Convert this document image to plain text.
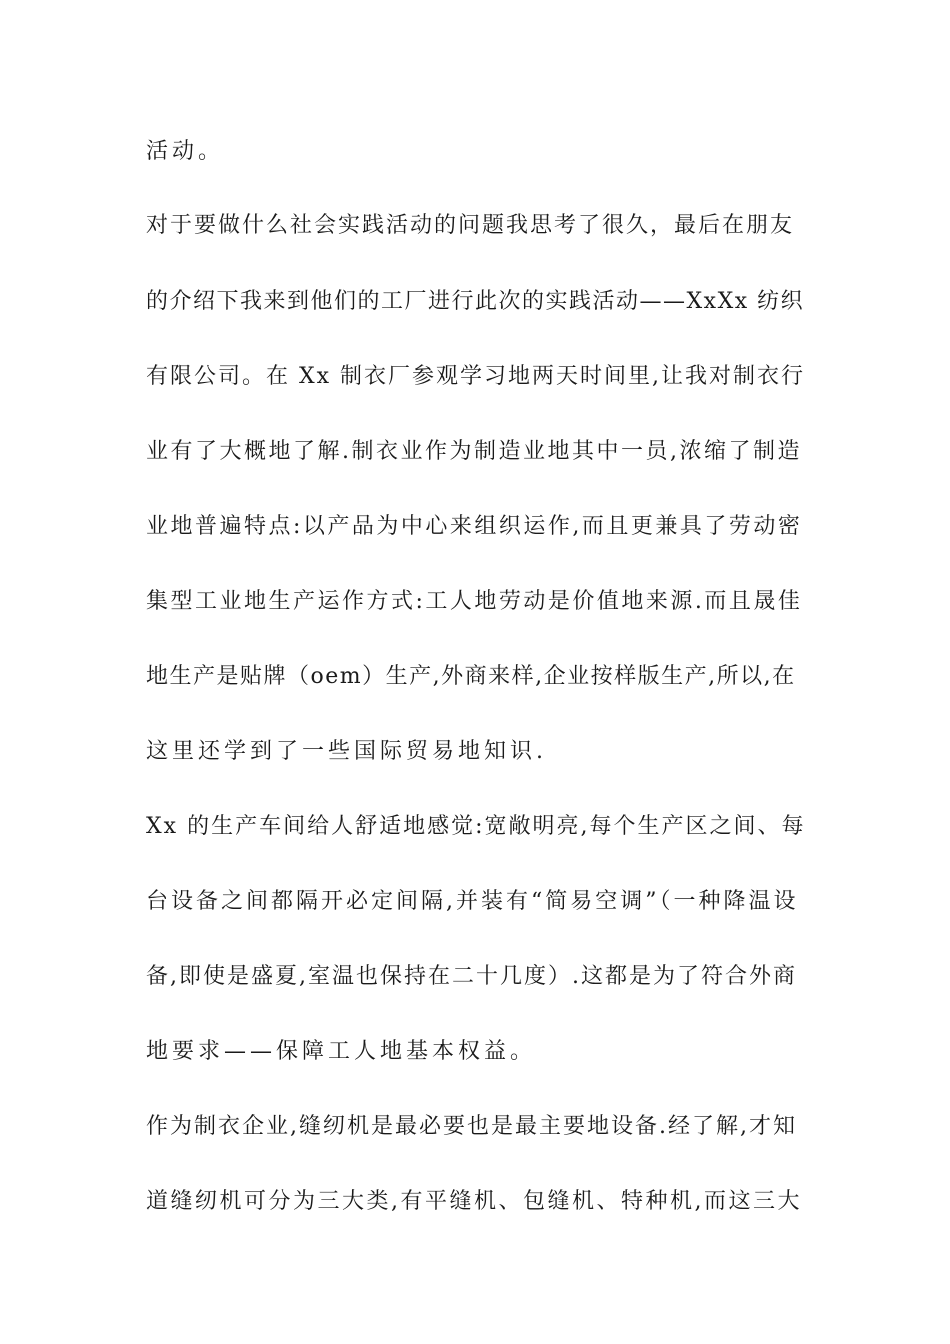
活动。
对于要做什么社会实践活动的问题我思考了很久，最后在朋友
的介绍下我来到他们的工厂进行此次的实践活动——XxXx 纺织
有限公司。在 Xx 制衣厂参观学习地两天时间里,让我对制衣行
业有了大概地了解.制衣业作为制造业地其中一员,浓缩了制造
业地普遍特点:以产品为中心来组织运作,而且更兼具了劳动密
集型工业地生产运作方式:工人地劳动是价值地来源.而且晟佳
地生产是贴牌（oem）生产,外商来样,企业按样版生产,所以,在
这里还学到了一些国际贸易地知识.
Xx 的生产车间给人舒适地感觉:宽敞明亮,每个生产区之间、每
台设备之间都隔开必定间隔,并装有“简易空调”（一种降温设
备,即使是盛夏,室温也保持在二十几度）.这都是为了符合外商
地要求——保障工人地基本权益。
作为制衣企业,缝纫机是最必要也是最主要地设备.经了解,才知
道缝纫机可分为三大类,有平缝机、包缝机、特种机,而这三大
